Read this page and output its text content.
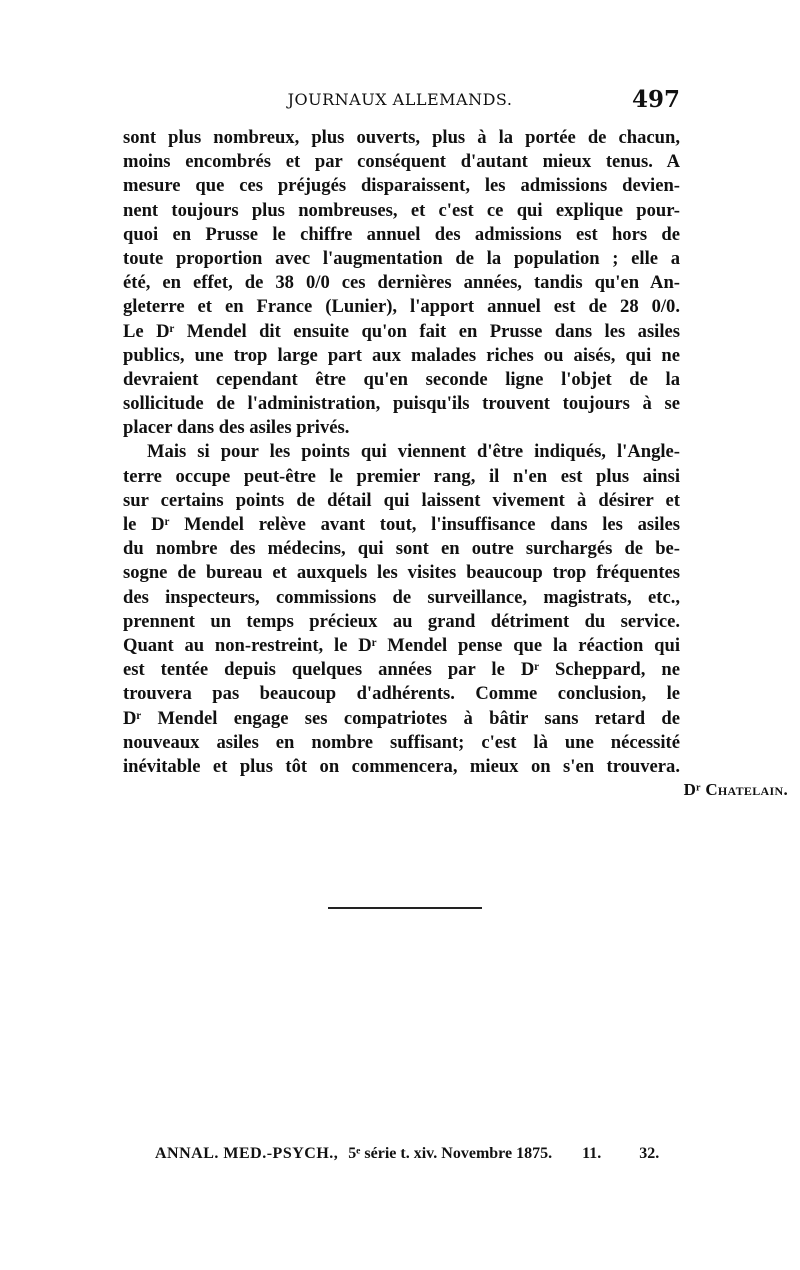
JOURNAUX ALLEMANDS.	497
sont plus nombreux, plus ouverts, plus à la portée de chacun,
moins encombrés et par conséquent d'autant mieux tenus. A
mesure que ces préjugés disparaissent, les admissions devien-
nent toujours plus nombreuses, et c'est ce qui explique pour-
quoi en Prusse le chiffre annuel des admissions est hors de
toute proportion avec l'augmentation de la population ; elle a
été, en effet, de 38 0/0 ces dernières années, tandis qu'en An-
gleterre et en France (Lunier), l'apport annuel est de 28 0/0.
Le Dʳ Mendel dit ensuite qu'on fait en Prusse dans les asiles
publics, une trop large part aux malades riches ou aisés, qui ne
devraient cependant être qu'en seconde ligne l'objet de la
sollicitude de l'administration, puisqu'ils trouvent toujours à se
placer dans des asiles privés.
Mais si pour les points qui viennent d'être indiqués, l'Angle-
terre occupe peut-être le premier rang, il n'en est plus ainsi
sur certains points de détail qui laissent vivement à désirer et
le Dʳ Mendel relève avant tout, l'insuffisance dans les asiles
du nombre des médecins, qui sont en outre surchargés de be-
sogne de bureau et auxquels les visites beaucoup trop fréquentes
des inspecteurs, commissions de surveillance, magistrats, etc.,
prennent un temps précieux au grand détriment du service.
Quant au non-restreint, le Dʳ Mendel pense que la réaction qui
est tentée depuis quelques années par le Dʳ Scheppard, ne
trouvera pas beaucoup d'adhérents. Comme conclusion, le
Dʳ Mendel engage ses compatriotes à bâtir sans retard de
nouveaux asiles en nombre suffisant; c'est là une nécessité
inévitable et plus tôt on commencera, mieux on s'en trouvera.
Dʳ Chatelain.
ANNAL. MED.-PSYCH., 5ᵉ série t. xiv. Novembre 1875. 11. 32.
